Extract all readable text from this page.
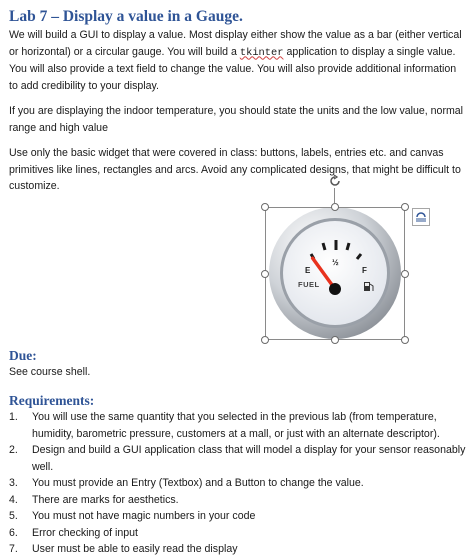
Lab 7 – Display a value in a Gauge.

We will build a GUI to display a value. Most display either show the value as a bar (either vertical or horizontal) or a circular gauge. You will build a tkinter application to display a single value. You will also provide a text field to change the value. You will also provide additional information to add credibility to your display.

If you are displaying the indoor temperature, you should state the units and the low value, normal range and high value

Use only the basic widget that were covered in class: buttons, labels, entries etc. and canvas primitives like lines, rectangles and arcs. Avoid any complicated designs, that might be difficult to customize.

Due:

See course shell.

Requirements:
1. You will use the same quantity that you selected in the previous lab (from temperature, humidity, barometric pressure, customers at a mall, or just with an alternate descriptor).
2. Design and build a GUI application class that will model a display for your sensor reasonably well.
3. You must provide an Entry (Textbox) and a Button to change the value.
4. There are marks for aesthetics.
5. You must not have magic numbers in your code
6. Error checking of input
7. User must be able to easily read the display
E
½
F
FUEL
